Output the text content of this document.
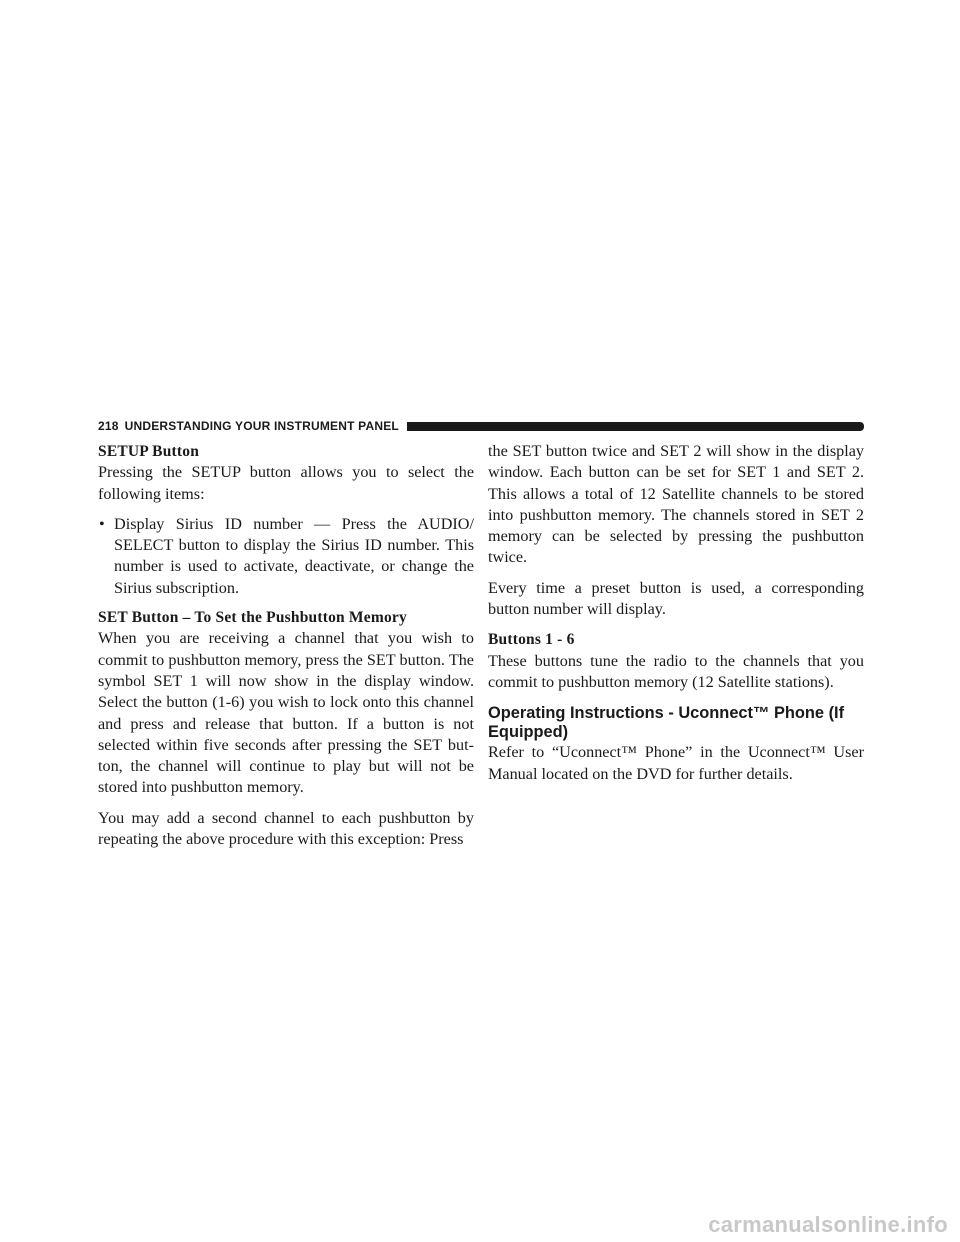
218 UNDERSTANDING YOUR INSTRUMENT PANEL
SETUP Button

Pressing the SETUP button allows you to select the following items:

• Display Sirius ID number — Press the AUDIO/ SELECT button to display the Sirius ID number. This number is used to activate, deactivate, or change the Sirius subscription.
SET Button – To Set the Pushbutton Memory

When you are receiving a channel that you wish to commit to pushbutton memory, press the SET button. The symbol SET 1 will now show in the display window. Select the button (1-6) you wish to lock onto this channel and press and release that button. If a button is not selected within five seconds after pressing the SET button, the channel will continue to play but will not be stored into pushbutton memory.

You may add a second channel to each pushbutton by repeating the above procedure with this exception: Press

the SET button twice and SET 2 will show in the display window. Each button can be set for SET 1 and SET 2. This allows a total of 12 Satellite channels to be stored into pushbutton memory. The channels stored in SET 2 memory can be selected by pressing the pushbutton twice.

Every time a preset button is used, a corresponding button number will display.

Buttons 1 - 6

These buttons tune the radio to the channels that you commit to pushbutton memory (12 Satellite stations).

Operating Instructions - Uconnect™ Phone (If Equipped)

Refer to “Uconnect™ Phone” in the Uconnect™ User Manual located on the DVD for further details.

carmanualsonline.info
